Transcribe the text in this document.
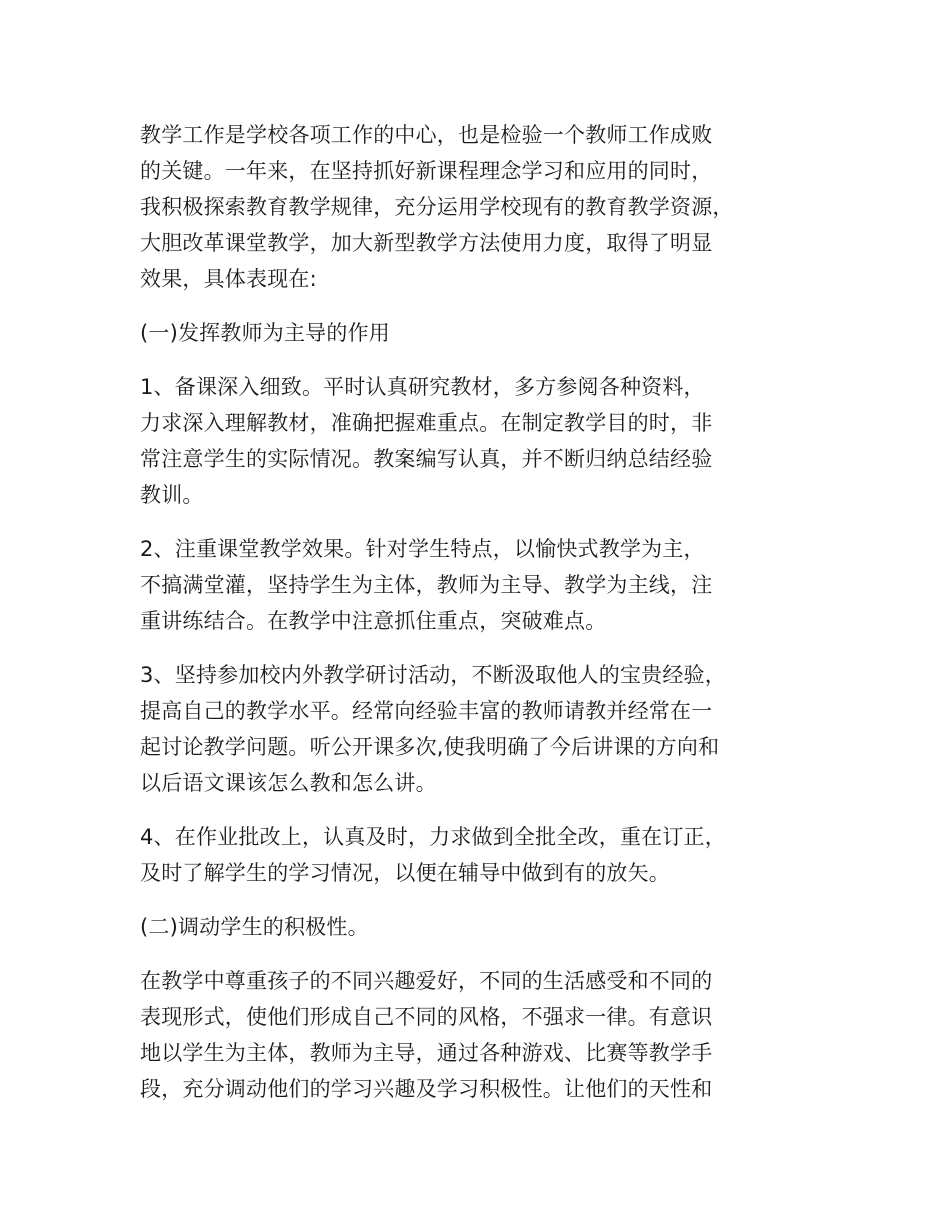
教学工作是学校各项工作的中心，也是检验一个教师工作成败
的关键。一年来，在坚持抓好新课程理念学习和应用的同时，
我积极探索教育教学规律，充分运用学校现有的教育教学资源，
大胆改革课堂教学，加大新型教学方法使用力度，取得了明显
效果，具体表现在:

(一)发挥教师为主导的作用

1、备课深入细致。平时认真研究教材，多方参阅各种资料，
力求深入理解教材，准确把握难重点。在制定教学目的时，非
常注意学生的实际情况。教案编写认真，并不断归纳总结经验
教训。

2、注重课堂教学效果。针对学生特点，以愉快式教学为主，
不搞满堂灌，坚持学生为主体，教师为主导、教学为主线，注
重讲练结合。在教学中注意抓住重点，突破难点。

3、坚持参加校内外教学研讨活动，不断汲取他人的宝贵经验，
提高自己的教学水平。经常向经验丰富的教师请教并经常在一
起讨论教学问题。听公开课多次,使我明确了今后讲课的方向和
以后语文课该怎么教和怎么讲。

4、在作业批改上，认真及时，力求做到全批全改，重在订正，
及时了解学生的学习情况，以便在辅导中做到有的放矢。

(二)调动学生的积极性。

在教学中尊重孩子的不同兴趣爱好，不同的生活感受和不同的
表现形式，使他们形成自己不同的风格，不强求一律。有意识
地以学生为主体，教师为主导，通过各种游戏、比赛等教学手
段，充分调动他们的学习兴趣及学习积极性。让他们的天性和
